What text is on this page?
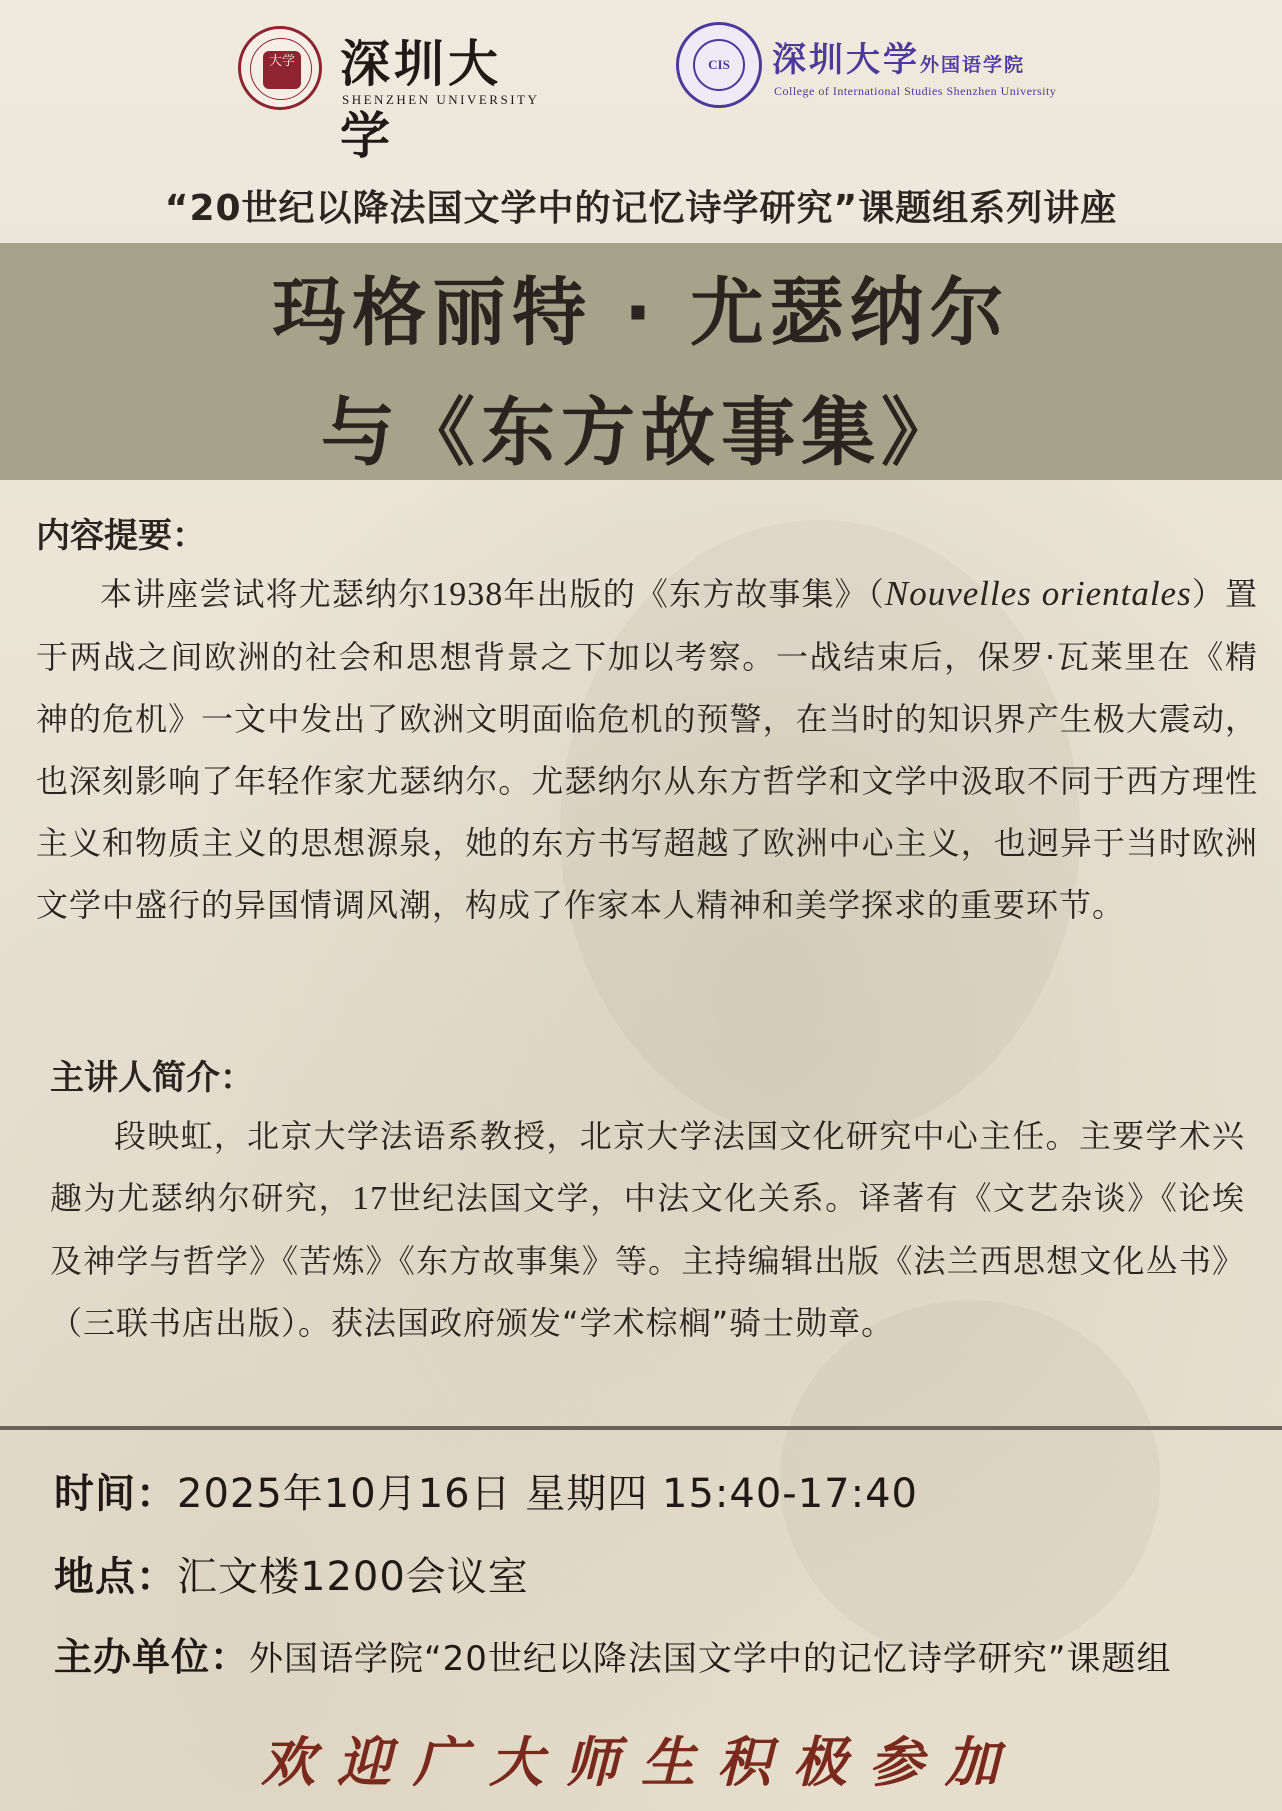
大学 深圳大学
SHENZHEN UNIVERSITY
CIS	深圳大学外国语学院
College of International Studies Shenzhen University
“20世纪以降法国文学中的记忆诗学研究”课题组系列讲座
玛格丽特 · 尤瑟纳尔
与《东方故事集》
内容提要：

本讲座尝试将尤瑟纳尔1938年出版的《东方故事集》（Nouvelles orientales）置于两战之间欧洲的社会和思想背景之下加以考察。一战结束后，保罗·瓦莱里在《精神的危机》一文中发出了欧洲文明面临危机的预警，在当时的知识界产生极大震动，也深刻影响了年轻作家尤瑟纳尔。尤瑟纳尔从东方哲学和文学中汲取不同于西方理性主义和物质主义的思想源泉，她的东方书写超越了欧洲中心主义，也迥异于当时欧洲文学中盛行的异国情调风潮，构成了作家本人精神和美学探求的重要环节。

主讲人简介：

段映虹，北京大学法语系教授，北京大学法国文化研究中心主任。主要学术兴趣为尤瑟纳尔研究，17世纪法国文学，中法文化关系。译著有《文艺杂谈》《论埃及神学与哲学》《苦炼》《东方故事集》等。主持编辑出版《法兰西思想文化丛书》（三联书店出版）。获法国政府颁发“学术棕榈”骑士勋章。

时间：2025年10月16日 星期四 15:40-17:40
地点：汇文楼1200会议室
主办单位：外国语学院“20世纪以降法国文学中的记忆诗学研究”课题组
欢迎广大师生积极参加
